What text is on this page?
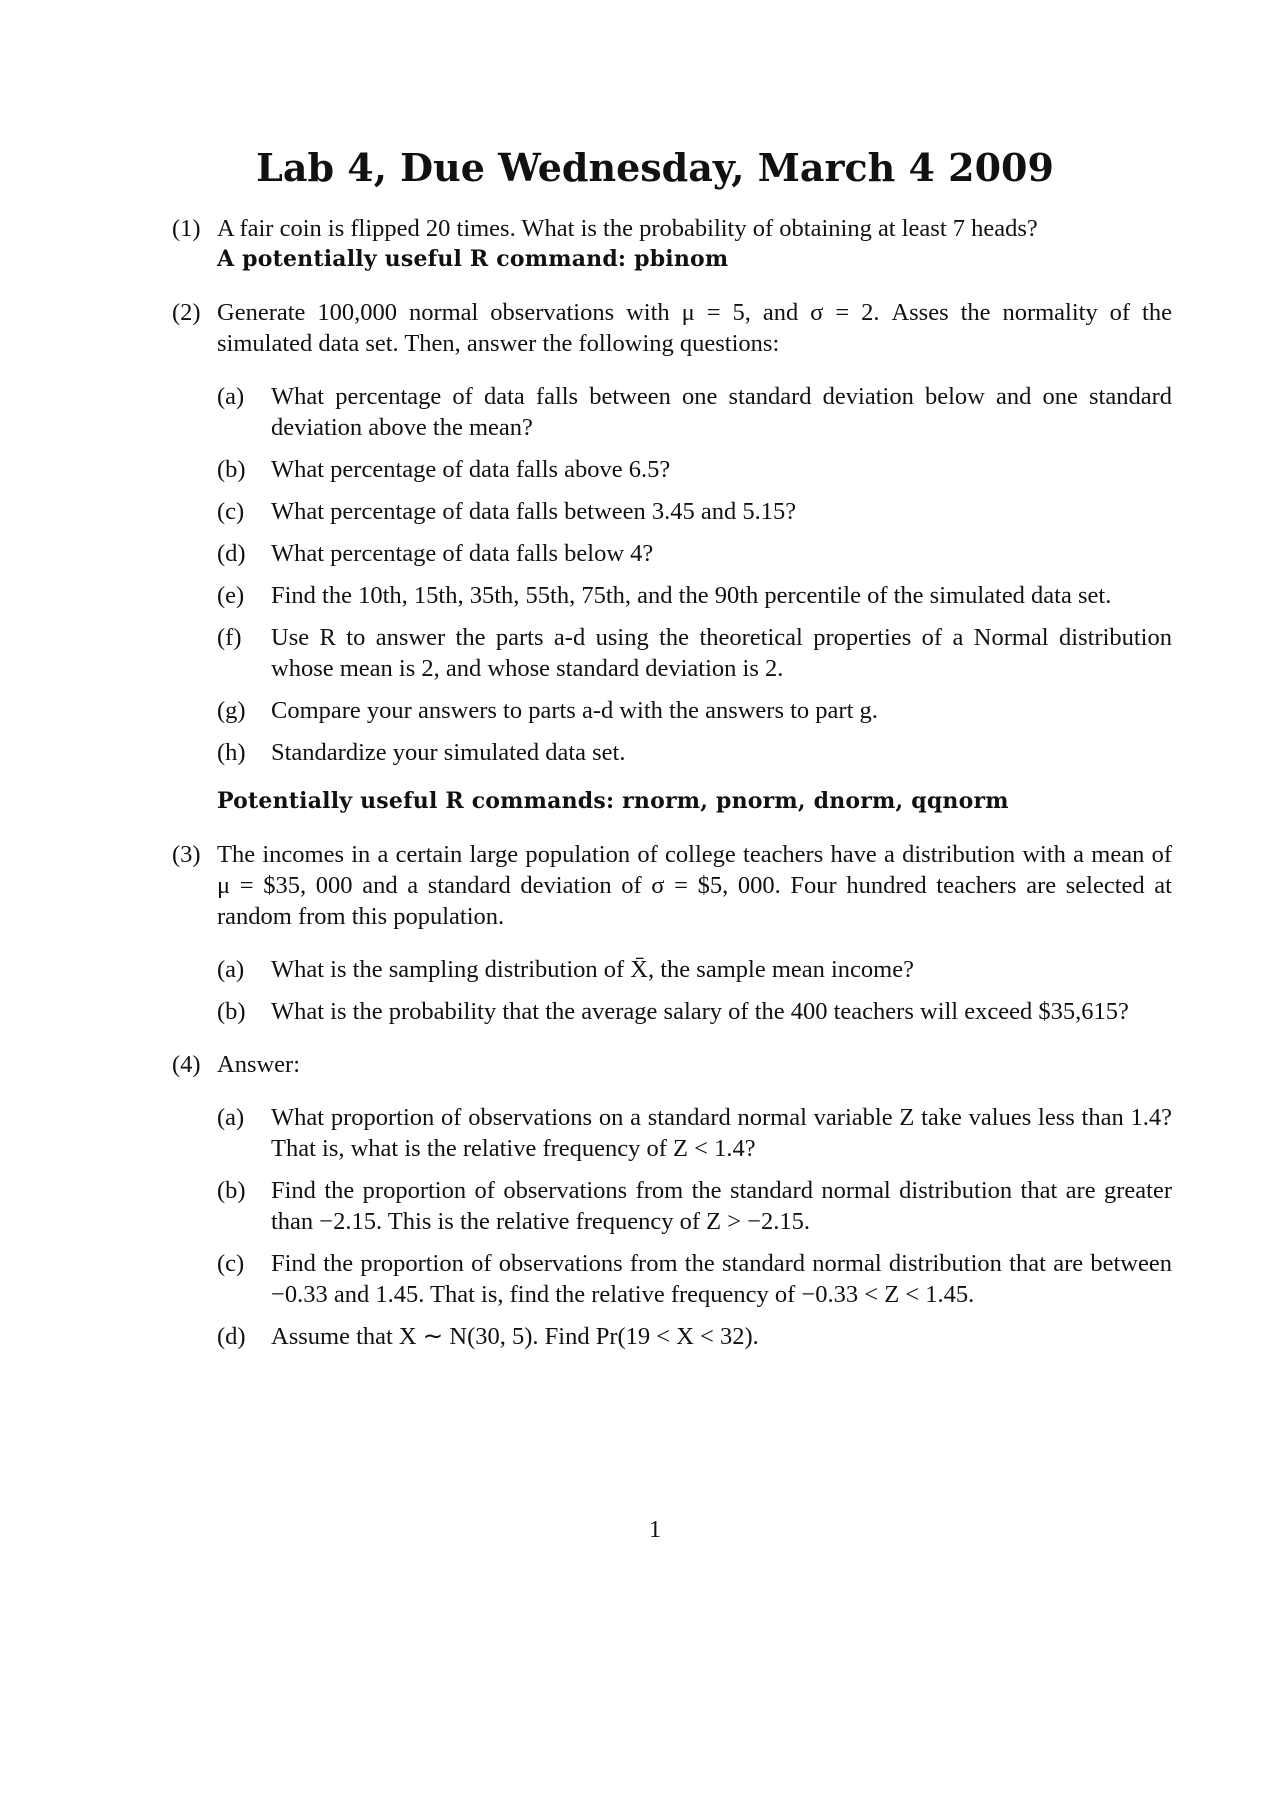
Lab 4, Due Wednesday, March 4 2009
(1) A fair coin is flipped 20 times. What is the probability of obtaining at least 7 heads?
A potentially useful R command: pbinom
(2) Generate 100,000 normal observations with μ = 5, and σ = 2. Asses the normality of the simulated data set. Then, answer the following questions:
(a) What percentage of data falls between one standard deviation below and one standard deviation above the mean?
(b) What percentage of data falls above 6.5?
(c) What percentage of data falls between 3.45 and 5.15?
(d) What percentage of data falls below 4?
(e) Find the 10th, 15th, 35th, 55th, 75th, and the 90th percentile of the simulated data set.
(f) Use R to answer the parts a-d using the theoretical properties of a Normal distribution whose mean is 2, and whose standard deviation is 2.
(g) Compare your answers to parts a-d with the answers to part g.
(h) Standardize your simulated data set.
Potentially useful R commands: rnorm, pnorm, dnorm, qqnorm
(3) The incomes in a certain large population of college teachers have a distribution with a mean of μ = $35, 000 and a standard deviation of σ = $5, 000. Four hundred teachers are selected at random from this population.
(a) What is the sampling distribution of X̄, the sample mean income?
(b) What is the probability that the average salary of the 400 teachers will exceed $35,615?
(4) Answer:
(a) What proportion of observations on a standard normal variable Z take values less than 1.4? That is, what is the relative frequency of Z < 1.4?
(b) Find the proportion of observations from the standard normal distribution that are greater than −2.15. This is the relative frequency of Z > −2.15.
(c) Find the proportion of observations from the standard normal distribution that are between −0.33 and 1.45. That is, find the relative frequency of −0.33 < Z < 1.45.
(d) Assume that X ∼ N(30, 5). Find Pr(19 < X < 32).
1
